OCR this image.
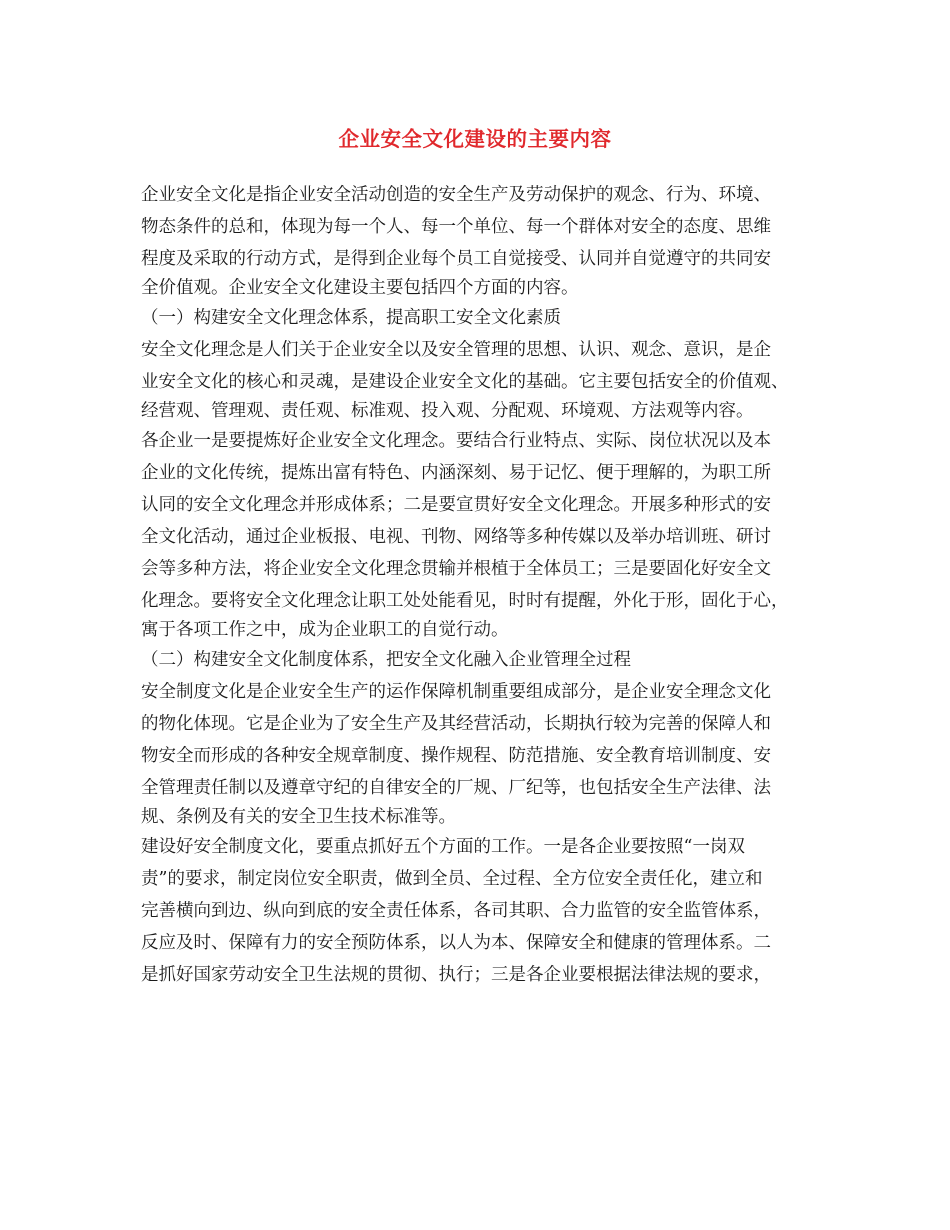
企业安全文化建设的主要内容
企业安全文化是指企业安全活动创造的安全生产及劳动保护的观念、行为、环境、
物态条件的总和，体现为每一个人、每一个单位、每一个群体对安全的态度、思维
程度及采取的行动方式，是得到企业每个员工自觉接受、认同并自觉遵守的共同安
全价值观。企业安全文化建设主要包括四个方面的内容。
（一）构建安全文化理念体系，提高职工安全文化素质
安全文化理念是人们关于企业安全以及安全管理的思想、认识、观念、意识，是企
业安全文化的核心和灵魂，是建设企业安全文化的基础。它主要包括安全的价值观、
经营观、管理观、责任观、标准观、投入观、分配观、环境观、方法观等内容。
各企业一是要提炼好企业安全文化理念。要结合行业特点、实际、岗位状况以及本
企业的文化传统，提炼出富有特色、内涵深刻、易于记忆、便于理解的，为职工所
认同的安全文化理念并形成体系；二是要宣贯好安全文化理念。开展多种形式的安
全文化活动，通过企业板报、电视、刊物、网络等多种传媒以及举办培训班、研讨
会等多种方法，将企业安全文化理念贯输并根植于全体员工；三是要固化好安全文
化理念。要将安全文化理念让职工处处能看见，时时有提醒，外化于形，固化于心，
寓于各项工作之中，成为企业职工的自觉行动。
（二）构建安全文化制度体系，把安全文化融入企业管理全过程
安全制度文化是企业安全生产的运作保障机制重要组成部分，是企业安全理念文化
的物化体现。它是企业为了安全生产及其经营活动，长期执行较为完善的保障人和
物安全而形成的各种安全规章制度、操作规程、防范措施、安全教育培训制度、安
全管理责任制以及遵章守纪的自律安全的厂规、厂纪等，也包括安全生产法律、法
规、条例及有关的安全卫生技术标准等。
建设好安全制度文化，要重点抓好五个方面的工作。一是各企业要按照“一岗双
责”的要求，制定岗位安全职责，做到全员、全过程、全方位安全责任化，建立和
完善横向到边、纵向到底的安全责任体系，各司其职、合力监管的安全监管体系，
反应及时、保障有力的安全预防体系，以人为本、保障安全和健康的管理体系。二
是抓好国家劳动安全卫生法规的贯彻、执行；三是各企业要根据法律法规的要求，
